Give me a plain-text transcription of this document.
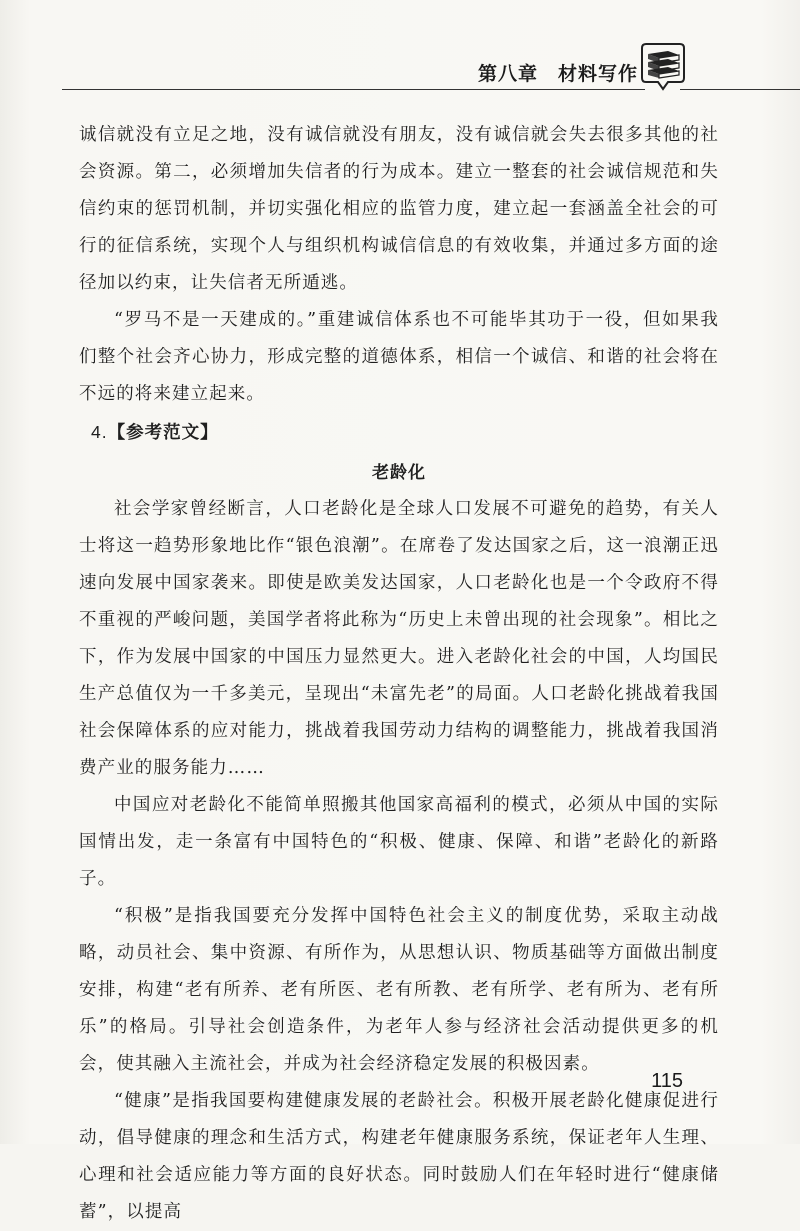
第八章　材料写作

诚信就没有立足之地，没有诚信就没有朋友，没有诚信就会失去很多其他的社会资源。第二，必须增加失信者的行为成本。建立一整套的社会诚信规范和失信约束的惩罚机制，并切实强化相应的监管力度，建立起一套涵盖全社会的可行的征信系统，实现个人与组织机构诚信信息的有效收集，并通过多方面的途径加以约束，让失信者无所遁逃。

“罗马不是一天建成的。”重建诚信体系也不可能毕其功于一役，但如果我们整个社会齐心协力，形成完整的道德体系，相信一个诚信、和谐的社会将在不远的将来建立起来。

4.【参考范文】
老龄化

社会学家曾经断言，人口老龄化是全球人口发展不可避免的趋势，有关人士将这一趋势形象地比作“银色浪潮”。在席卷了发达国家之后，这一浪潮正迅速向发展中国家袭来。即使是欧美发达国家，人口老龄化也是一个令政府不得不重视的严峻问题，美国学者将此称为“历史上未曾出现的社会现象”。相比之下，作为发展中国家的中国压力显然更大。进入老龄化社会的中国，人均国民生产总值仅为一千多美元，呈现出“未富先老”的局面。人口老龄化挑战着我国社会保障体系的应对能力，挑战着我国劳动力结构的调整能力，挑战着我国消费产业的服务能力……

中国应对老龄化不能简单照搬其他国家高福利的模式，必须从中国的实际国情出发，走一条富有中国特色的“积极、健康、保障、和谐”老龄化的新路子。

“积极”是指我国要充分发挥中国特色社会主义的制度优势，采取主动战略，动员社会、集中资源、有所作为，从思想认识、物质基础等方面做出制度安排，构建“老有所养、老有所医、老有所教、老有所学、老有所为、老有所乐”的格局。引导社会创造条件，为老年人参与经济社会活动提供更多的机会，使其融入主流社会，并成为社会经济稳定发展的积极因素。

“健康”是指我国要构建健康发展的老龄社会。积极开展老龄化健康促进行动，倡导健康的理念和生活方式，构建老年健康服务系统，保证老年人生理、心理和社会适应能力等方面的良好状态。同时鼓励人们在年轻时进行“健康储蓄”，以提高

115
